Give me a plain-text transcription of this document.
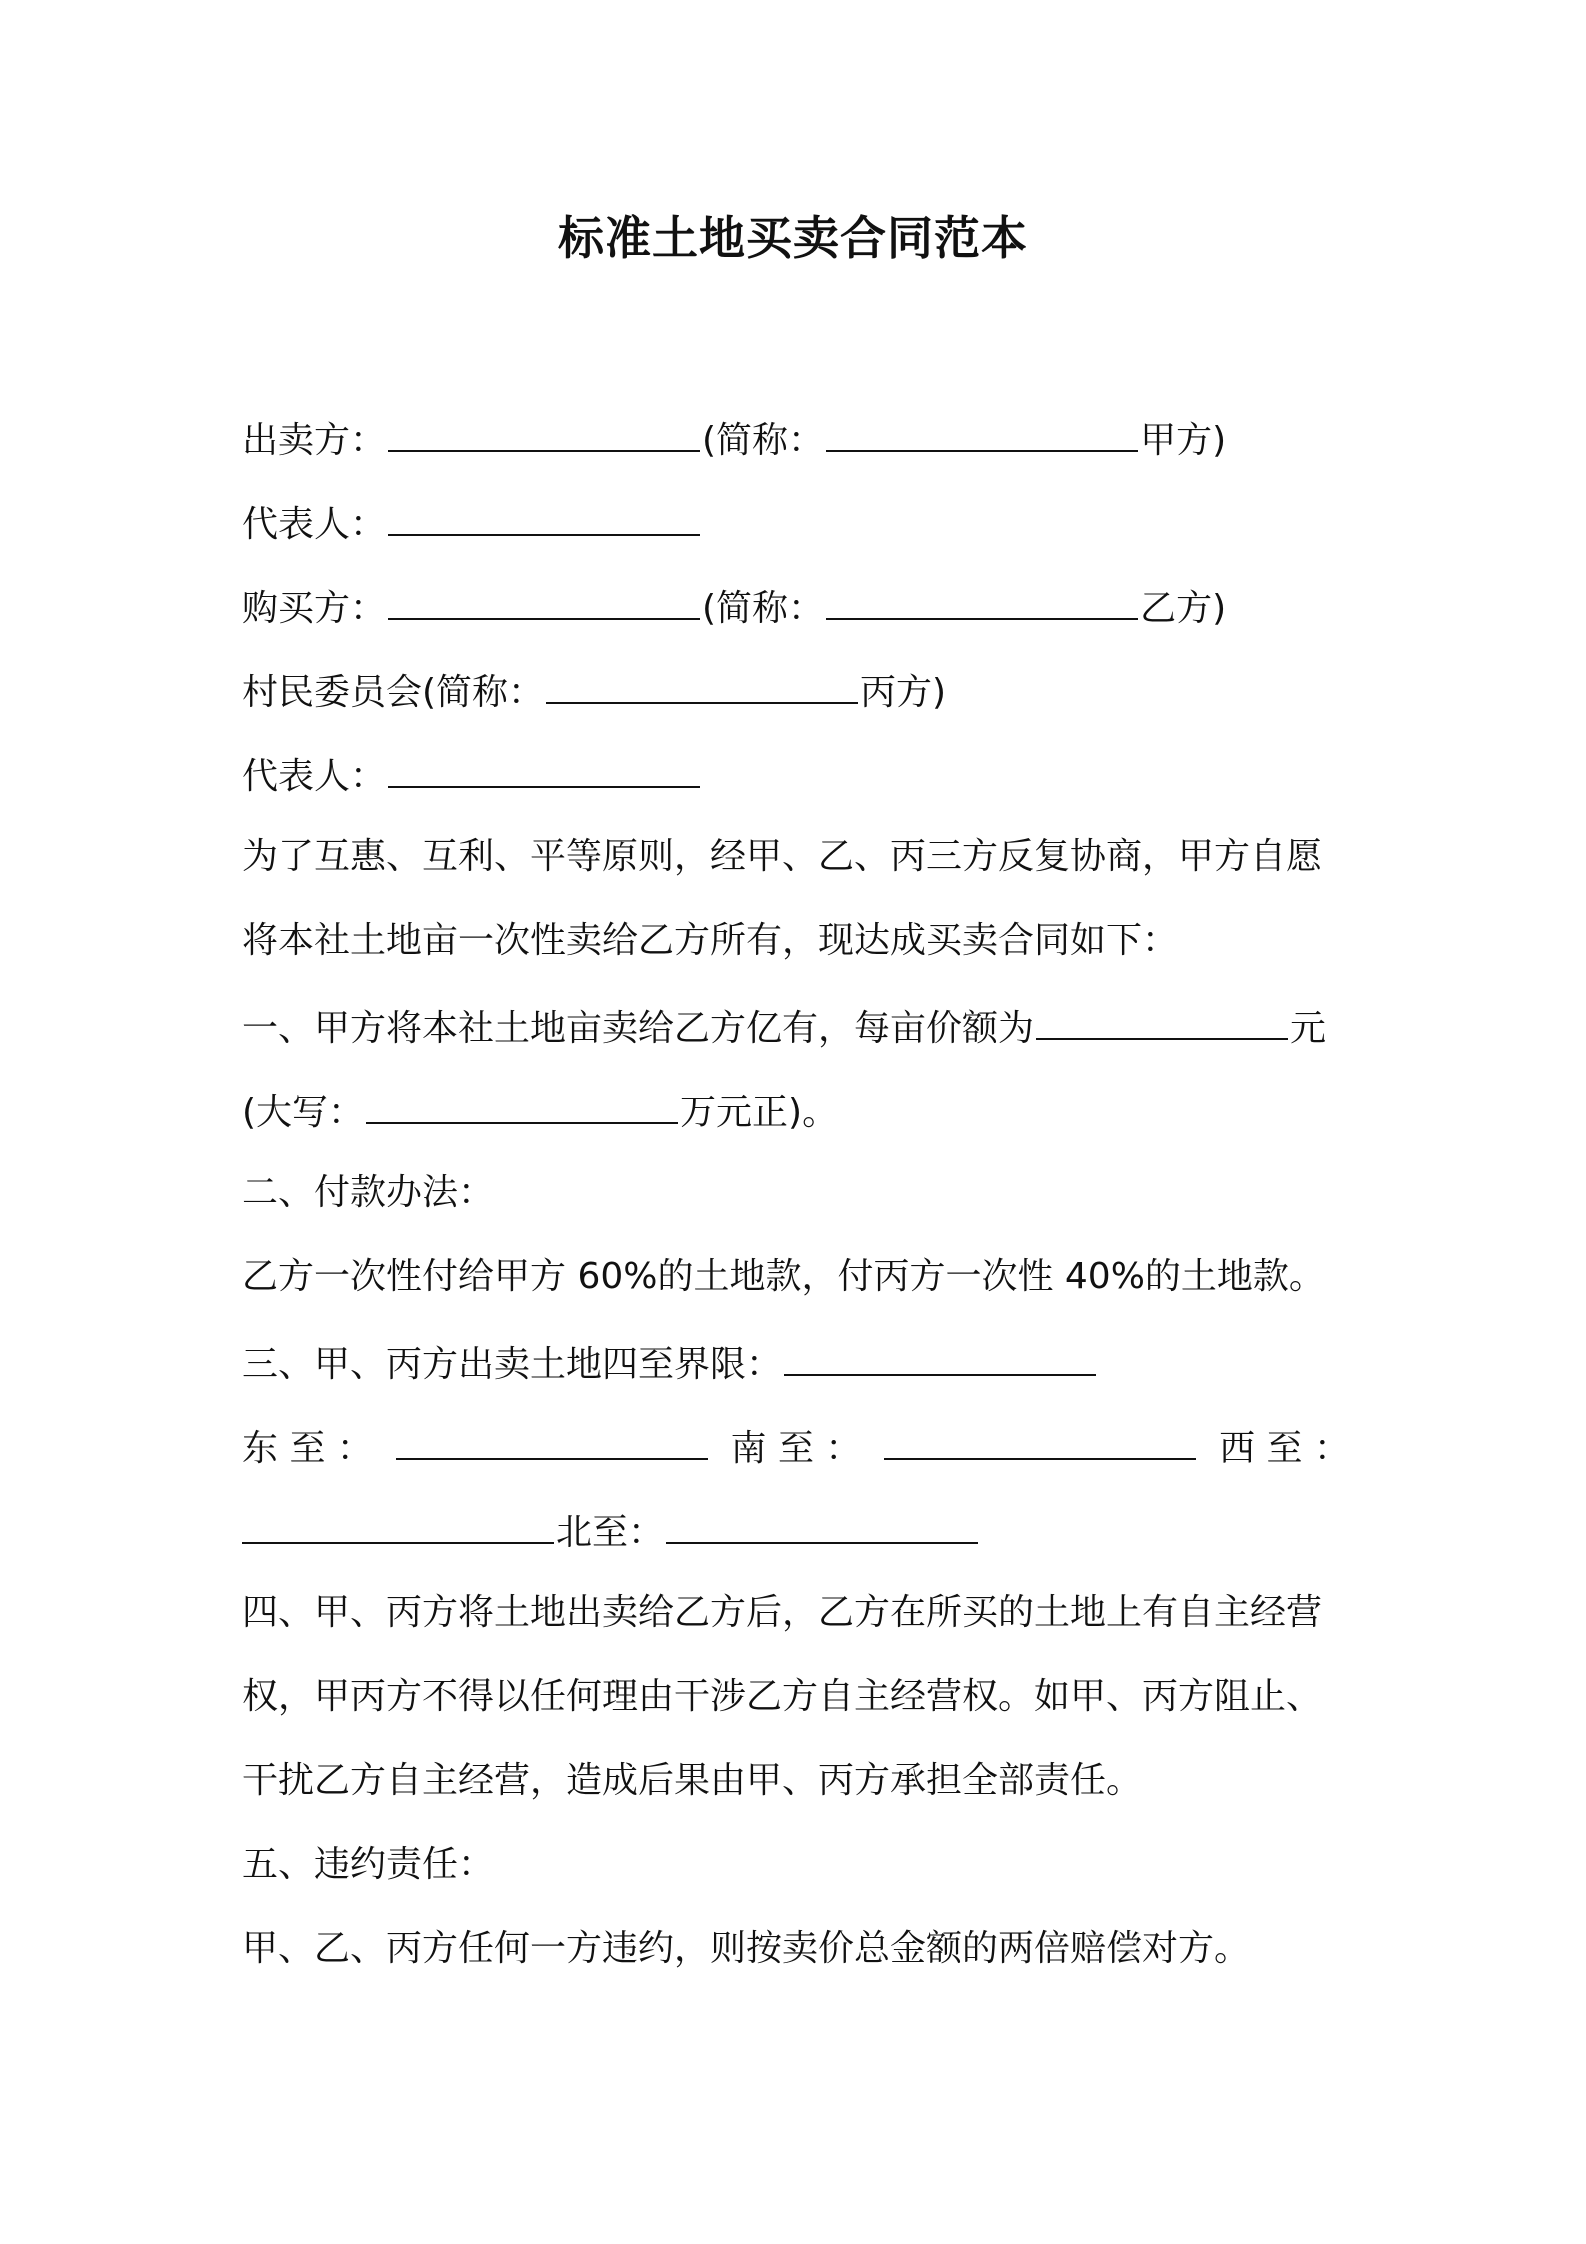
标准土地买卖合同范本
出卖方：	(简称：	甲方)
代表人：
购买方：	(简称：	乙方)
村民委员会(简称：	丙方)
代表人：
为了互惠、互利、平等原则，经甲、乙、丙三方反复协商，甲方自愿
将本社土地亩一次性卖给乙方所有，现达成买卖合同如下：
一、甲方将本社土地亩卖给乙方亿有，每亩价额为	元
(大写：	万元正)。
二、付款办法：
乙方一次性付给甲方 60%的土地款，付丙方一次性 40%的土地款。
三、甲、丙方出卖土地四至界限：
东 至 ：	南 至 ：	西 至 ：
北至：
四、甲、丙方将土地出卖给乙方后，乙方在所买的土地上有自主经营
权，甲丙方不得以任何理由干涉乙方自主经营权。如甲、丙方阻止、
干扰乙方自主经营，造成后果由甲、丙方承担全部责任。
五、违约责任：
甲、乙、丙方任何一方违约，则按卖价总金额的两倍赔偿对方。
